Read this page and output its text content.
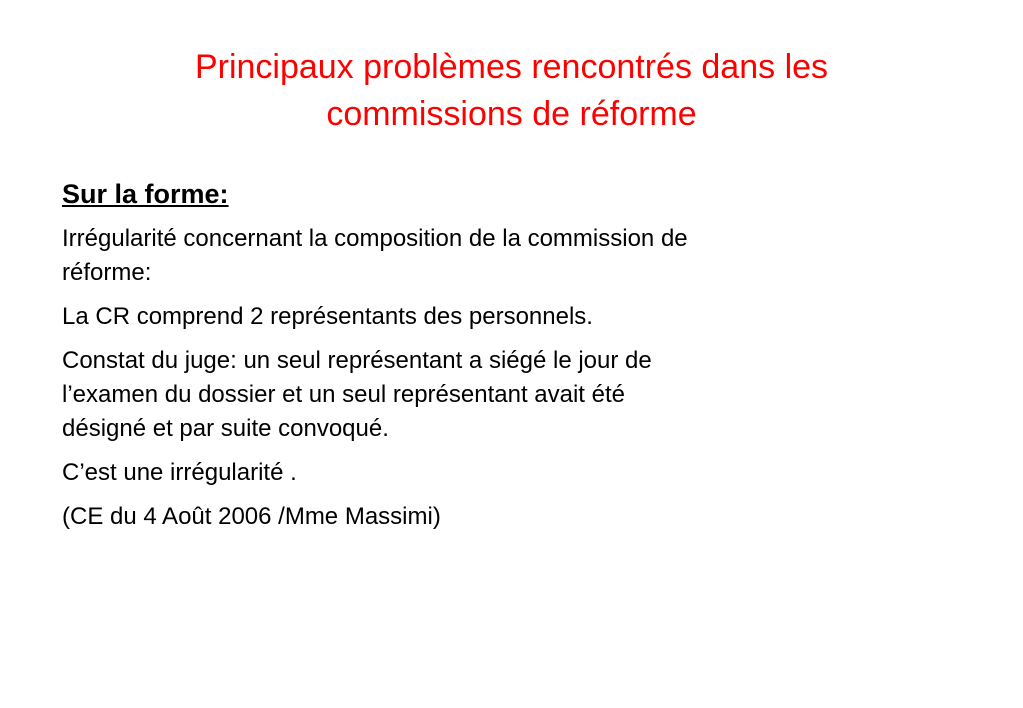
Principaux problèmes rencontrés dans les
commissions de réforme
Sur la forme:
Irrégularité concernant la composition de la commission de
réforme:
La CR comprend 2 représentants des personnels.
Constat du juge: un seul représentant a siégé le jour de
l’examen du dossier et un seul représentant avait été
désigné et par suite convoqué.
C’est une irrégularité .
(CE du 4 Août 2006 /Mme Massimi)
